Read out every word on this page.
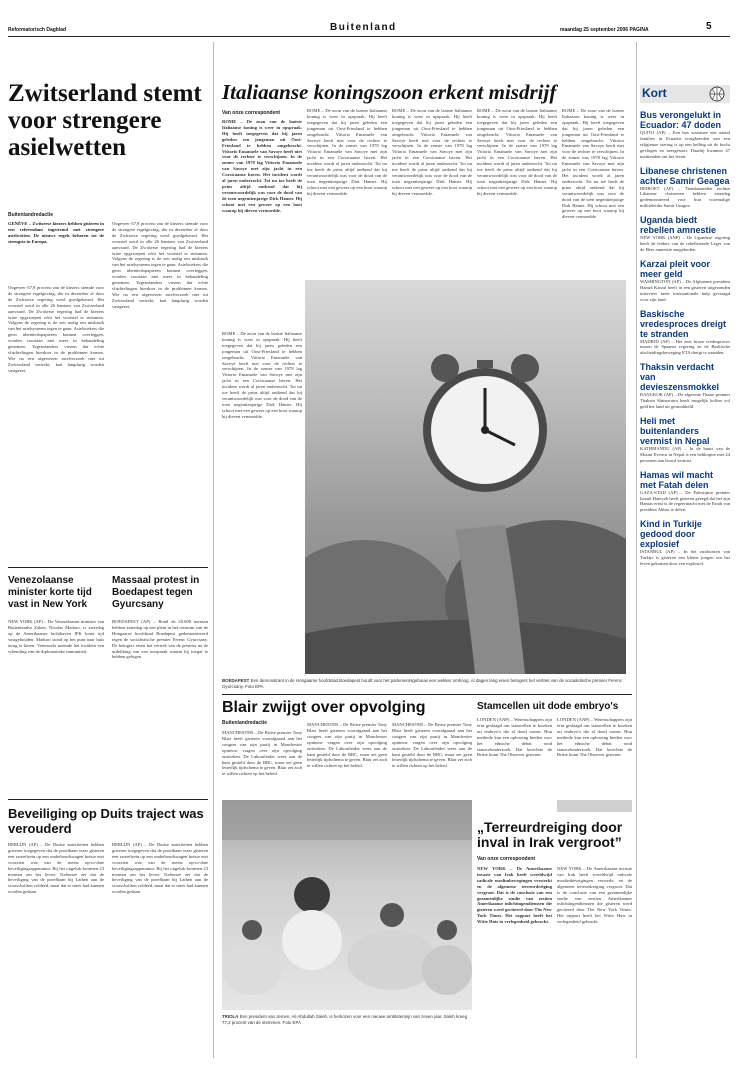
Reformatorisch Dagblad	Buitenland	maandag 25 september 2006 PAGINA	5
Zwitserland stemt voor strengere asielwetten
Buitenlandredactie
GENÈVE – Zwitserse kiezers hebben gisteren in een referendum ingestemd met strengere asielwetten. De nieuwe regels behoren tot de strengste in Europa.

Ongeveer 67,8 procent van de kiezers stemde voor de strengere regelgeving, die in december al door de Zwitserse regering werd goedgekeurd. Het voorstel werd in alle 26 kantons van Zwitserland aanvaard. De Zwitserse regering had de kiezers ertoe opgeroepen vóór het voorstel te stemmen. Volgens de regering is de wet nodig om misbruik van het asielsysteem tegen te gaan. Asielzoekers die geen identiteitspapieren kunnen overleggen, worden voortaan niet meer in behandeling genomen. Tegenstanders vrezen dat echte vluchtelingen hierdoor in de problemen komen. Wie na een afgewezen asielverzoek niet uit Zwitserland vertrekt, kan langdurig worden vastgezet.

Ongeveer 67,8 procent van de kiezers stemde voor de strengere regelgeving, die in december al door de Zwitserse regering werd goedgekeurd. Het voorstel werd in alle 26 kantons van Zwitserland aanvaard. De Zwitserse regering had de kiezers ertoe opgeroepen vóór het voorstel te stemmen. Volgens de regering is de wet nodig om misbruik van het asielsysteem tegen te gaan. Asielzoekers die geen identiteitspapieren kunnen overleggen, worden voortaan niet meer in behandeling genomen. Tegenstanders vrezen dat echte vluchtelingen hierdoor in de problemen komen. Wie na een afgewezen asielverzoek niet uit Zwitserland vertrekt, kan langdurig worden vastgezet.

Venezolaanse minister korte tijd vast in New York
NEW YORK (AP) – De Venezolaanse minister van Buitenlandse Zaken, Nicolas Maduro, is zaterdag op de Amerikaanse luchthaven JFK korte tijd vastgehouden. Maduro stond op het punt naar huis terug te keren. Venezuela noemde het incident een schending van de diplomatieke immuniteit.
Massaal protest in Boedapest tegen Gyurcsany
BOEDAPEST (AP) – Rond de 20.000 mensen hebben zaterdag op een plein in het centrum van de Hongaarse hoofdstad Boedapest gedemonstreerd tegen de socialistische premier Ferenc Gyurcsany. De betogers eisen het vertrek van de premier na de uitlekking van een toespraak waarin hij toegaf te hebben gelogen.
Beveiliging op Duits traject was verouderd
BERLIJN (AP) – De Duitse autoriteiten hebben gisteren toegegeven dat de proefbaan waar gisteren een zweeftrein op een onderhoudswagen botste niet voorzien was van de meest up-to-date beveiligingsapparatuur. Bij het ongeluk kwamen 23 mensen om het leven. Tiefensee zei dat de beveiliging van de proefbaan bij Lathen aan de voorschriften voldeed, maar dat er meer had kunnen worden gedaan.
BERLIJN (AP) – De Duitse autoriteiten hebben gisteren toegegeven dat de proefbaan waar gisteren een zweeftrein op een onderhoudswagen botste niet voorzien was van de meest up-to-date beveiligingsapparatuur. Bij het ongeluk kwamen 23 mensen om het leven. Tiefensee zei dat de beveiliging van de proefbaan bij Lathen aan de voorschriften voldeed, maar dat er meer had kunnen worden gedaan.
Italiaanse koningszoon erkent misdrijf
Van onze correspondent

ROME – De zoon van de laatste Italiaanse koning is weer in opspraak. Hij heeft toegegeven dat hij jaren geleden een jongeman uit Oost-Friesland te hebben omgebracht. Vittorio Emanuele van Savoye heeft niet voor de rechter te verschijnen. In de zomer van 1978 lag Vittorio Emanuele van Savoye met zijn jacht in een Corsicaanse haven. Het incident wordt al jaren onderzocht. Tot nu toe heeft de prins altijd ontkend dat hij verantwoordelijk was voor de dood van de toen negentienjarige Dirk Hamer. Hij schoot met een geweer op een boot waarop hij dieven vermoedde.

ROME – De zoon van de laatste Italiaanse koning is weer in opspraak. Hij heeft toegegeven dat hij jaren geleden een jongeman uit Oost-Friesland te hebben omgebracht. Vittorio Emanuele van Savoye heeft niet voor de rechter te verschijnen. In de zomer van 1978 lag Vittorio Emanuele van Savoye met zijn jacht in een Corsicaanse haven. Het incident wordt al jaren onderzocht. Tot nu toe heeft de prins altijd ontkend dat hij verantwoordelijk was voor de dood van de toen negentienjarige Dirk Hamer. Hij schoot met een geweer op een boot waarop hij dieven vermoedde.
ROME – De zoon van de laatste Italiaanse koning is weer in opspraak. Hij heeft toegegeven dat hij jaren geleden een jongeman uit Oost-Friesland te hebben omgebracht. Vittorio Emanuele van Savoye heeft niet voor de rechter te verschijnen. In de zomer van 1978 lag Vittorio Emanuele van Savoye met zijn jacht in een Corsicaanse haven. Het incident wordt al jaren onderzocht. Tot nu toe heeft de prins altijd ontkend dat hij verantwoordelijk was voor de dood van de toen negentienjarige Dirk Hamer. Hij schoot met een geweer op een boot waarop hij dieven vermoedde.
ROME – De zoon van de laatste Italiaanse koning is weer in opspraak. Hij heeft toegegeven dat hij jaren geleden een jongeman uit Oost-Friesland te hebben omgebracht. Vittorio Emanuele van Savoye heeft niet voor de rechter te verschijnen. In de zomer van 1978 lag Vittorio Emanuele van Savoye met zijn jacht in een Corsicaanse haven. Het incident wordt al jaren onderzocht. Tot nu toe heeft de prins altijd ontkend dat hij verantwoordelijk was voor de dood van de toen negentienjarige Dirk Hamer. Hij schoot met een geweer op een boot waarop hij dieven vermoedde.
ROME – De zoon van de laatste Italiaanse koning is weer in opspraak. Hij heeft toegegeven dat hij jaren geleden een jongeman uit Oost-Friesland te hebben omgebracht. Vittorio Emanuele van Savoye heeft niet voor de rechter te verschijnen. In de zomer van 1978 lag Vittorio Emanuele van Savoye met zijn jacht in een Corsicaanse haven. Het incident wordt al jaren onderzocht. Tot nu toe heeft de prins altijd ontkend dat hij verantwoordelijk was voor de dood van de toen negentienjarige Dirk Hamer. Hij schoot met een geweer op een boot waarop hij dieven vermoedde.
BOEDAPEST Een demonstrant in de Hongaarse hoofdstad Boedapest houdt voor het parlementsgebouw een wekker omhoog. Al dagen lang eisen betogers het vertrek van de socialistische premier Ferenc Gyurcsany. Foto EPA
ROME – De zoon van de laatste Italiaanse koning is weer in opspraak. Hij heeft toegegeven dat hij jaren geleden een jongeman uit Oost-Friesland te hebben omgebracht. Vittorio Emanuele van Savoye heeft niet voor de rechter te verschijnen. In de zomer van 1978 lag Vittorio Emanuele van Savoye met zijn jacht in een Corsicaanse haven. Het incident wordt al jaren onderzocht. Tot nu toe heeft de prins altijd ontkend dat hij verantwoordelijk was voor de dood van de toen negentienjarige Dirk Hamer. Hij schoot met een geweer op een boot waarop hij dieven vermoedde.
Blair zwijgt over opvolging
Buitenlandredactie
MANCHESTER – De Britse premier Tony Blair heeft gisteren voorafgaand aan het congres van zijn partij in Manchester opnieuw vragen over zijn opvolging ontweken. De Labourleider wees aan de kant gesteld door de BBC, maar zei geen letterlijk tijdschema te geven. Blair zei zich te willen richten op het beleid.
MANCHESTER – De Britse premier Tony Blair heeft gisteren voorafgaand aan het congres van zijn partij in Manchester opnieuw vragen over zijn opvolging ontweken. De Labourleider wees aan de kant gesteld door de BBC, maar zei geen letterlijk tijdschema te geven. Blair zei zich te willen richten op het beleid.
MANCHESTER – De Britse premier Tony Blair heeft gisteren voorafgaand aan het congres van zijn partij in Manchester opnieuw vragen over zijn opvolging ontweken. De Labourleider wees aan de kant gesteld door de BBC, maar zei geen letterlijk tijdschema te geven. Blair zei zich te willen richten op het beleid.
Stamcellen uit dode embryo's
LONDEN (ANP) – Wetenschappers zijn erin geslaagd om stamcellen te kweken uit embryo's die al dood waren. Hun methode kan een oplossing bieden voor het ethische debat rond stamcelonderzoek. Dat berichtte de Britse krant The Observer gisteren.
LONDEN (ANP) – Wetenschappers zijn erin geslaagd om stamcellen te kweken uit embryo's die al dood waren. Hun methode kan een oplossing bieden voor het ethische debat rond stamcelonderzoek. Dat berichtte de Britse krant The Observer gisteren.
TRIOLA Een president van Jemen, Ali Abdullah Saleh, is herkozen voor een nieuwe ambtstermijn van zeven jaar. Saleh kreeg 77,2 procent van de stemmen. Foto EPA
„Terreurdreiging door inval in Irak vergroot”
Van onze correspondent
NEW YORK – De Amerikaanse invasie van Irak heeft wereldwijd radicale moslimbewegingen versterkt en de algemene terreurdreiging vergroot. Dat is de conclusie van een gezamenlijke studie van zestien Amerikaanse inlichtingendiensten die gisteren werd geciteerd door The New York Times. Het rapport heeft het Witte Huis in verlegenheid gebracht.
NEW YORK – De Amerikaanse invasie van Irak heeft wereldwijd radicale moslimbewegingen versterkt en de algemene terreurdreiging vergroot. Dat is de conclusie van een gezamenlijke studie van zestien Amerikaanse inlichtingendiensten die gisteren werd geciteerd door The New York Times. Het rapport heeft het Witte Huis in verlegenheid gebracht.
Kort

Bus verongelukt in Ecuador: 47 doden

QUITO (AP) – Een bus waarmee een aantal families in Ecuador terugkeerden van een religieuze viering is op een helling uit de bocht gevlogen en neergestort. Daarbij kwamen 47 inzittenden om het leven.

Libanese christenen achter Samir Geagea

BEIROET (AP) – Tienduizenden rechtse Libanese christenen hebben zaterdag gedemonstreerd voor hun voormalige militieleider Samir Geagea.

Uganda biedt rebellen amnestie

NEW YORK (ANP) – De Ugandese regering heeft de leiders van de rebellerende Leger van de Heer amnestie aangeboden.

Karzai pleit voor meer geld

WASHINGTON (AP) – De Afghaanse president Hamid Karzai heeft in een gisteren uitgezonden interview meer internationale hulp gevraagd voor zijn land.

Baskische vredesproces dreigt te stranden

MADRID (AP) – Het zeer broze vredesproces tussen de Spaanse regering en de Baskische afscheidingsbeweging ETA dreigt te stranden.

Thaksin verdacht van devieszensmokkel

BANGKOK (AP) – De afgezette Thaise premier Thaksin Shinawatra heeft mogelijk kolfen vol geld het land uit gesmokkeld.

Heli met buitenlanders vermist in Nepal

KATHMANDU (AP) – In de buurt van de Mount Everest in Nepal is een helikopter met 24 personen aan boord vermist.

Hamas wil macht met Fatah delen

GAZA-STAD (AP) – De Palestijnse premier Ismail Haniyeh heeft gisteren gezegd dat het zijn Hamas ernst is de regeermacht met de Fatah van president Abbas te delen.

Kind in Turkije gedood door explosief

ISTANBUL (AP) – In het zuidoosten van Turkije is gisteren een kleine jongen om het leven gekomen door een explosief.
